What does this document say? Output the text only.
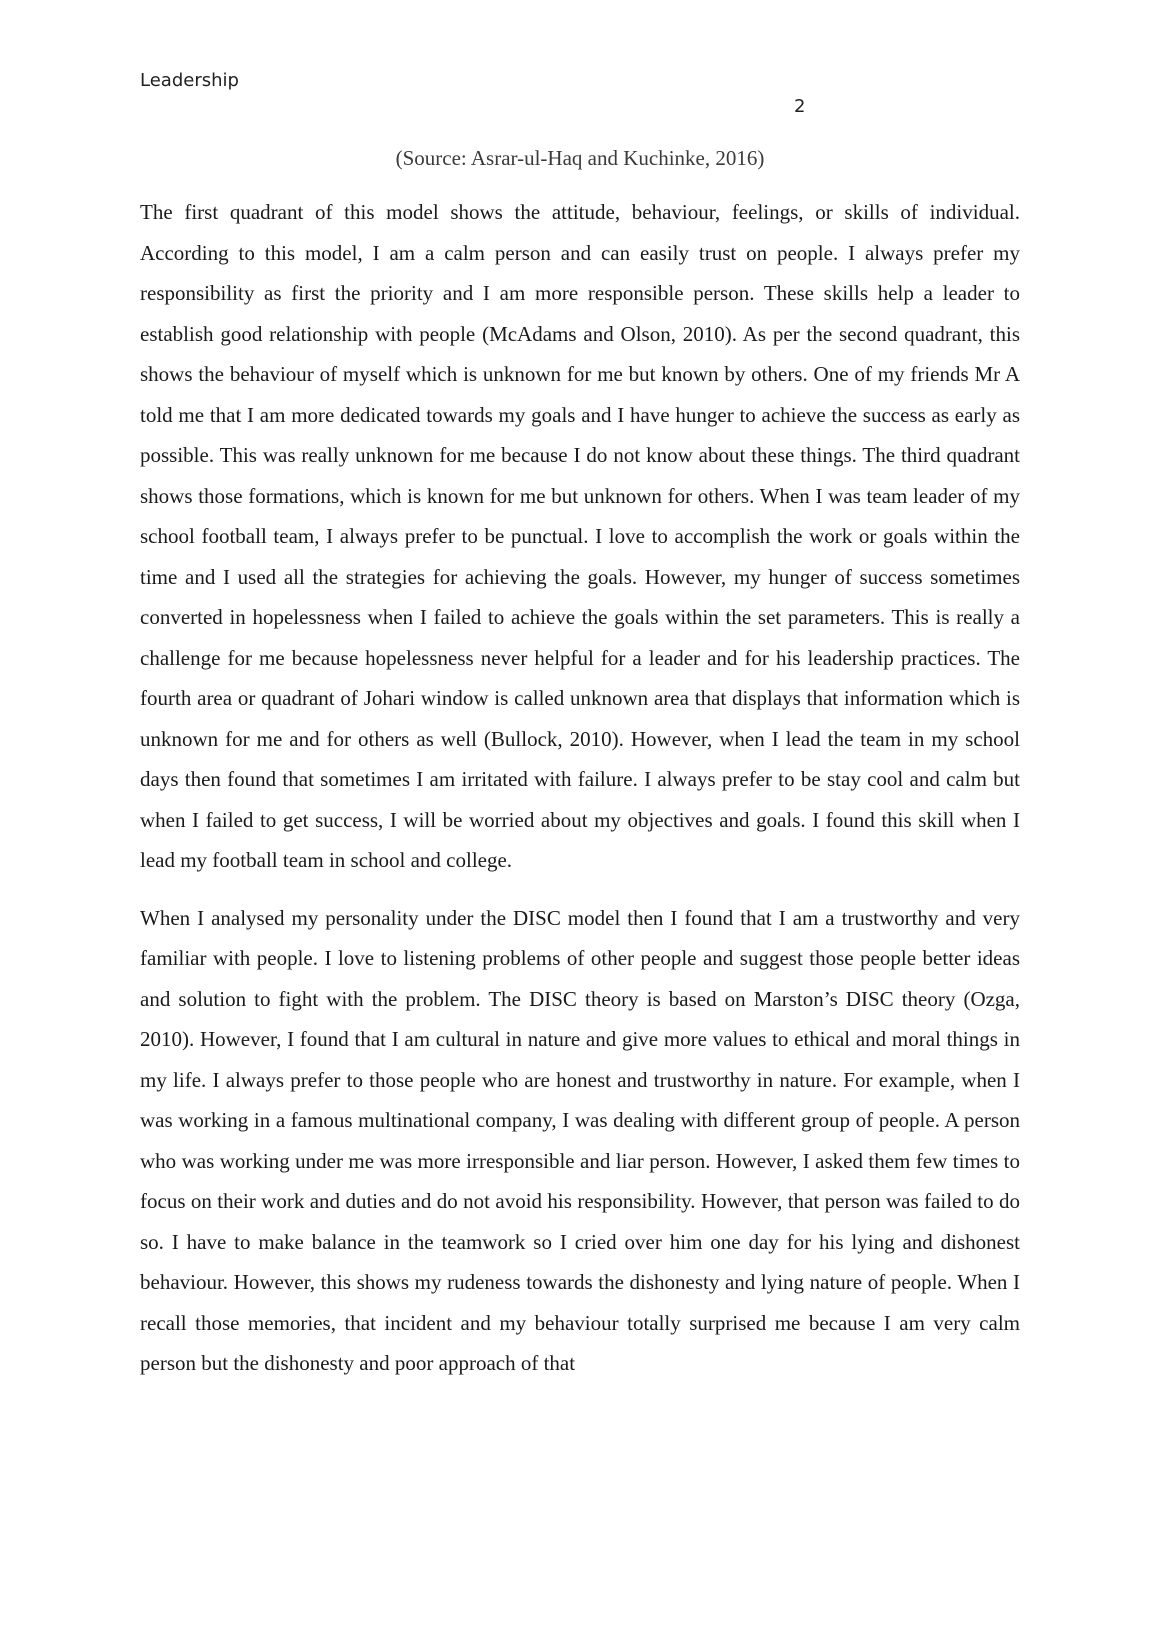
Leadership
2
(Source: Asrar-ul-Haq and Kuchinke, 2016)

The first quadrant of this model shows the attitude, behaviour, feelings, or skills of individual. According to this model, I am a calm person and can easily trust on people. I always prefer my responsibility as first the priority and I am more responsible person. These skills help a leader to establish good relationship with people (McAdams and Olson, 2010). As per the second quadrant, this shows the behaviour of myself which is unknown for me but known by others. One of my friends Mr A told me that I am more dedicated towards my goals and I have hunger to achieve the success as early as possible. This was really unknown for me because I do not know about these things. The third quadrant shows those formations, which is known for me but unknown for others. When I was team leader of my school football team, I always prefer to be punctual. I love to accomplish the work or goals within the time and I used all the strategies for achieving the goals. However, my hunger of success sometimes converted in hopelessness when I failed to achieve the goals within the set parameters. This is really a challenge for me because hopelessness never helpful for a leader and for his leadership practices. The fourth area or quadrant of Johari window is called unknown area that displays that information which is unknown for me and for others as well (Bullock, 2010). However, when I lead the team in my school days then found that sometimes I am irritated with failure. I always prefer to be stay cool and calm but when I failed to get success, I will be worried about my objectives and goals. I found this skill when I lead my football team in school and college.

When I analysed my personality under the DISC model then I found that I am a trustworthy and very familiar with people. I love to listening problems of other people and suggest those people better ideas and solution to fight with the problem. The DISC theory is based on Marston’s DISC theory (Ozga, 2010). However, I found that I am cultural in nature and give more values to ethical and moral things in my life. I always prefer to those people who are honest and trustworthy in nature. For example, when I was working in a famous multinational company, I was dealing with different group of people. A person who was working under me was more irresponsible and liar person. However, I asked them few times to focus on their work and duties and do not avoid his responsibility. However, that person was failed to do so. I have to make balance in the teamwork so I cried over him one day for his lying and dishonest behaviour. However, this shows my rudeness towards the dishonesty and lying nature of people. When I recall those memories, that incident and my behaviour totally surprised me because I am very calm person but the dishonesty and poor approach of that
